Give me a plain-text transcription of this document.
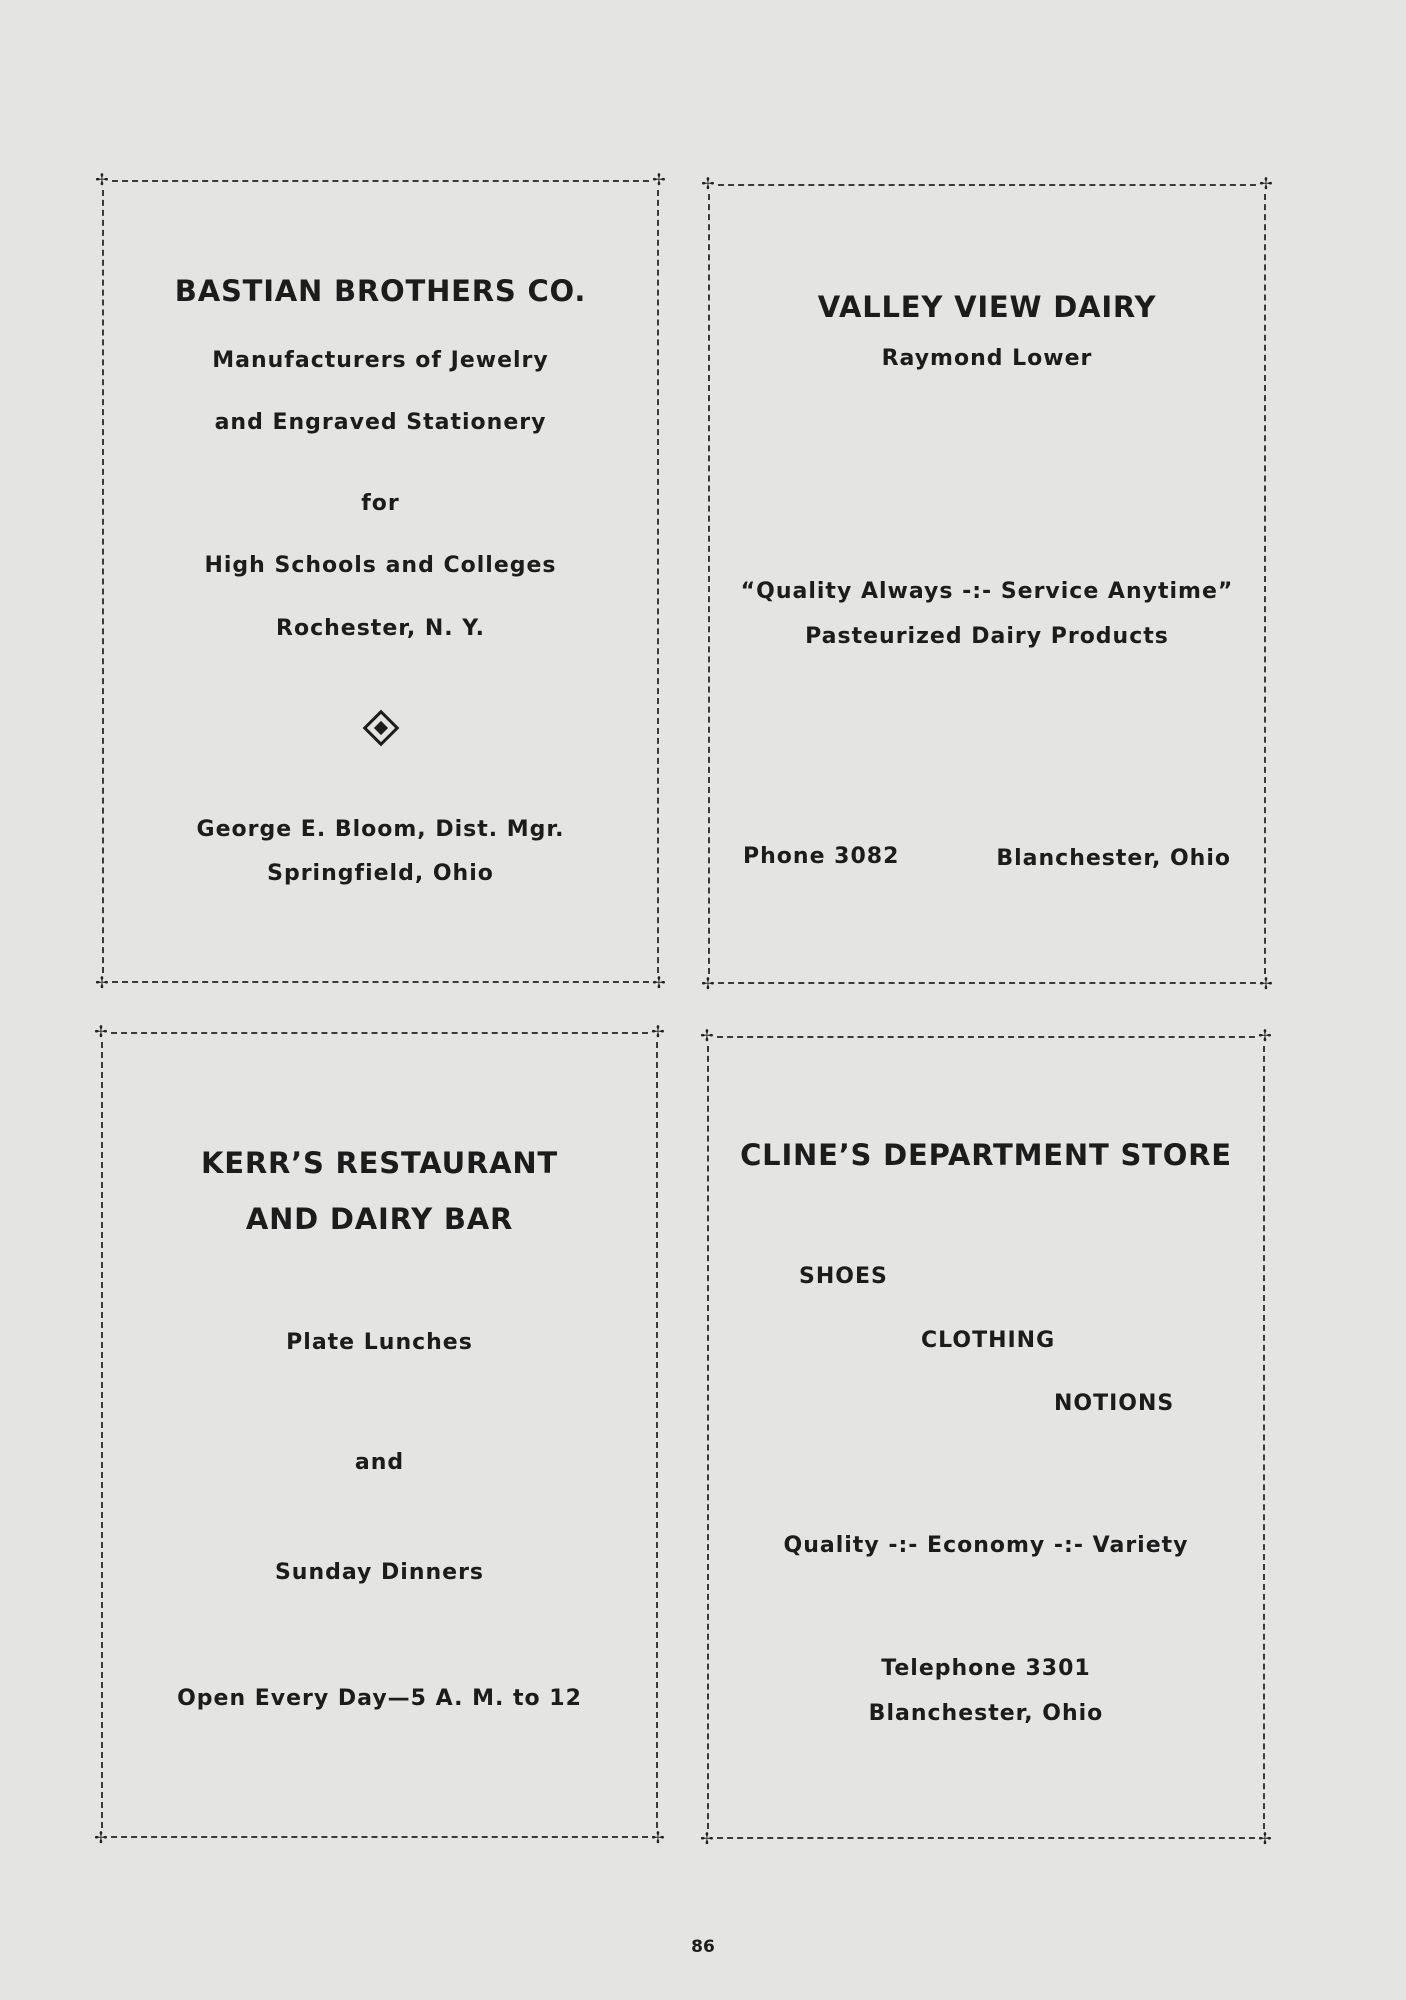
✢	✢
✢	✢
BASTIAN BROTHERS CO.
Manufacturers of Jewelry
and Engraved Stationery
for
High Schools and Colleges
Rochester, N. Y.
George E. Bloom, Dist. Mgr.
Springfield, Ohio
✢	✢
✢	✢
VALLEY VIEW DAIRY
Raymond Lower
“Quality Always -:- Service Anytime”
Pasteurized Dairy Products
Phone 3082	Blanchester, Ohio
✢	✢
✢	✢
KERR’S RESTAURANT
AND DAIRY BAR
Plate Lunches
and
Sunday Dinners
Open Every Day—5 A. M. to 12
✢	✢
✢	✢
CLINE’S DEPARTMENT STORE
SHOES
CLOTHING
NOTIONS
Quality -:- Economy -:- Variety
Telephone 3301
Blanchester, Ohio
86
